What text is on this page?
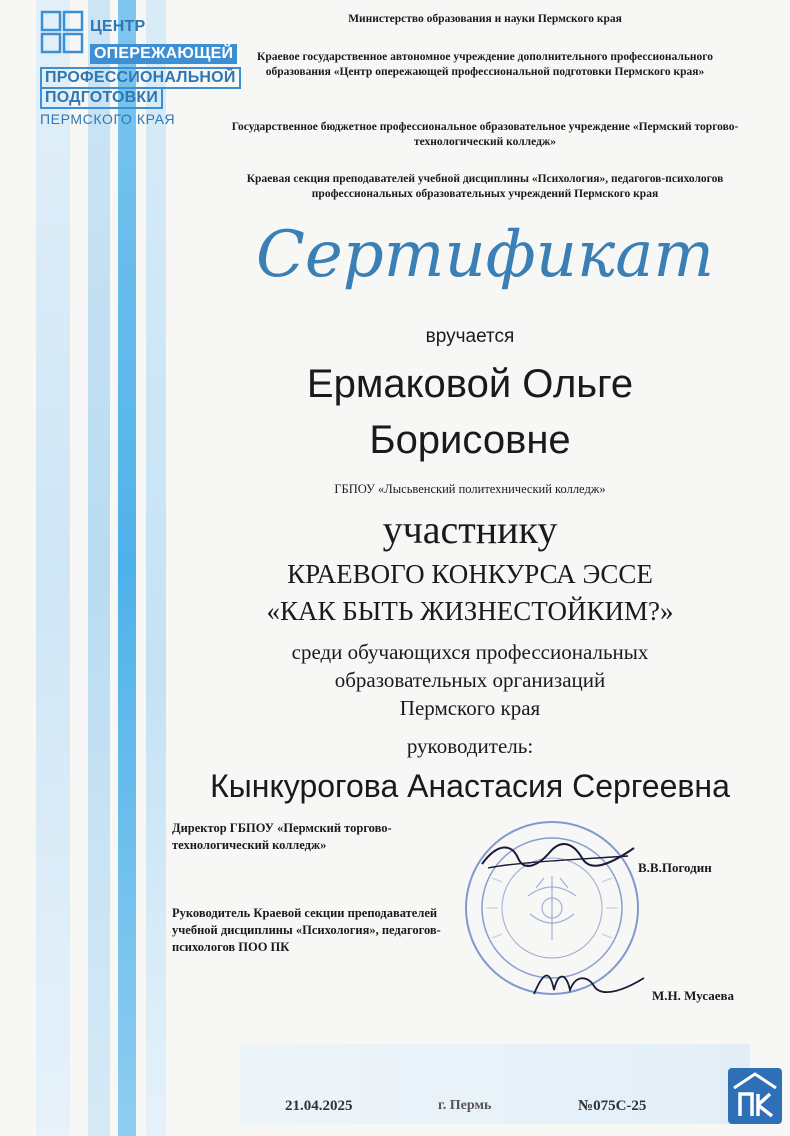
ЦЕНТР
ОПЕРЕЖАЮЩЕЙ
ПРОФЕССИОНАЛЬНОЙ
ПОДГОТОВКИ
ПЕРМСКОГО КРАЯ
Министерство образования и науки Пермского края
Краевое государственное автономное учреждение дополнительного профессионального образования «Центр опережающей профессиональной подготовки Пермского края»
Государственное бюджетное профессиональное образовательное учреждение «Пермский торгово-технологический колледж»
Краевая секция преподавателей учебной дисциплины «Психология», педагогов-психологов профессиональных образовательных учреждений Пермского края
Сертификат
вручается
Ермаковой Ольге
Борисовне
ГБПОУ «Лысьвенский политехнический колледж»
участнику
КРАЕВОГО КОНКУРСА ЭССЕ
«КАК БЫТЬ ЖИЗНЕСТОЙКИМ?»
среди обучающихся профессиональных
образовательных организаций
Пермского края
руководитель:
Кынкурогова Анастасия Сергеевна
Директор ГБПОУ «Пермский торгово-технологический колледж»
Руководитель Краевой секции преподавателей учебной дисциплины «Психология», педагогов-психологов ПОО ПК
В.В.Погодин
М.Н. Мусаева
21.04.2025	г. Пермь	№075С-25
